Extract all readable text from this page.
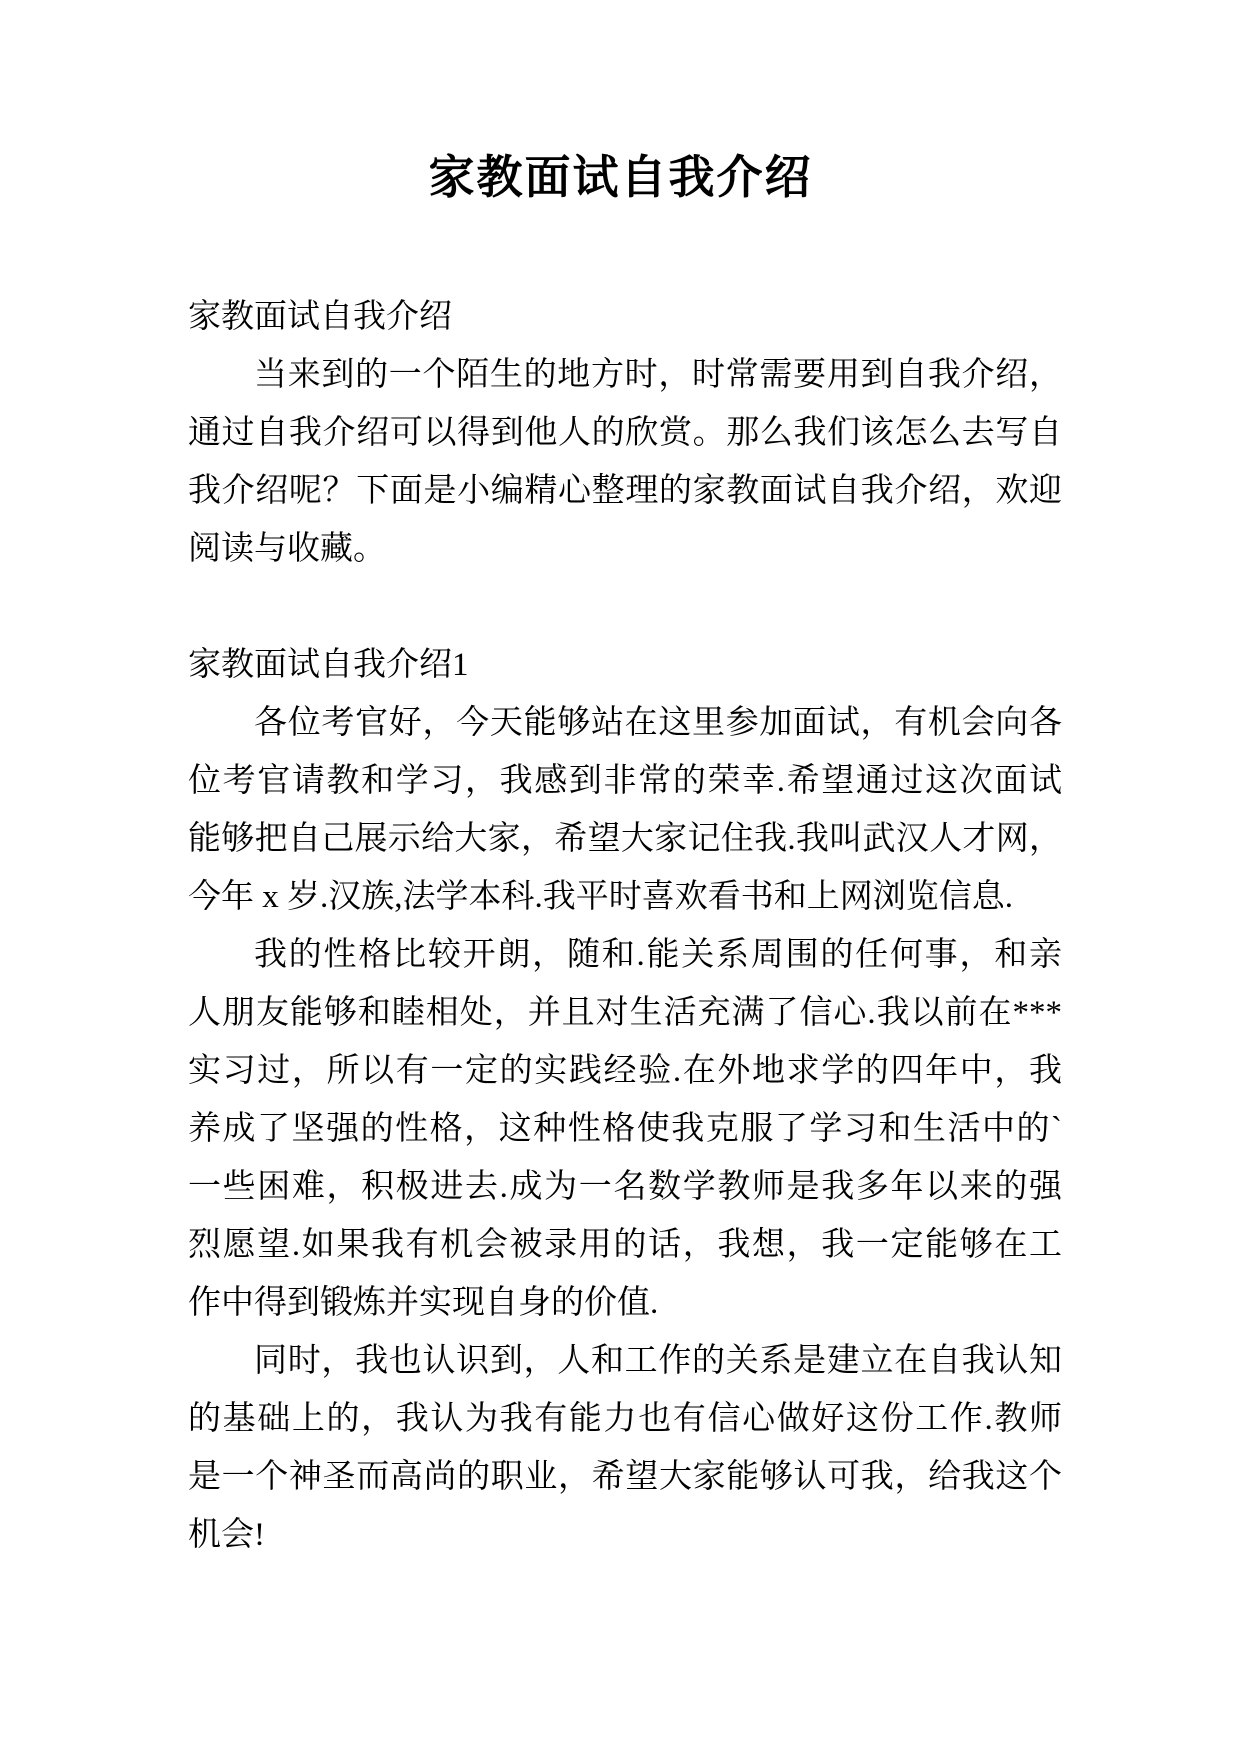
家教面试自我介绍
家教面试自我介绍
当来到的一个陌生的地方时，时常需要用到自我介绍，
通过自我介绍可以得到他人的欣赏。那么我们该怎么去写自
我介绍呢？下面是小编精心整理的家教面试自我介绍，欢迎
阅读与收藏。
家教面试自我介绍1
各位考官好，今天能够站在这里参加面试，有机会向各
位考官请教和学习，我感到非常的荣幸.希望通过这次面试
能够把自己展示给大家，希望大家记住我.我叫武汉人才网，
今年 x 岁.汉族,法学本科.我平时喜欢看书和上网浏览信息.
我的性格比较开朗，随和.能关系周围的任何事，和亲
人朋友能够和睦相处，并且对生活充满了信心.我以前在***
实习过，所以有一定的实践经验.在外地求学的四年中，我
养成了坚强的性格，这种性格使我克服了学习和生活中的`
一些困难，积极进去.成为一名数学教师是我多年以来的强
烈愿望.如果我有机会被录用的话，我想，我一定能够在工
作中得到锻炼并实现自身的价值.
同时，我也认识到，人和工作的关系是建立在自我认知
的基础上的，我认为我有能力也有信心做好这份工作.教师
是一个神圣而高尚的职业，希望大家能够认可我，给我这个
机会!
